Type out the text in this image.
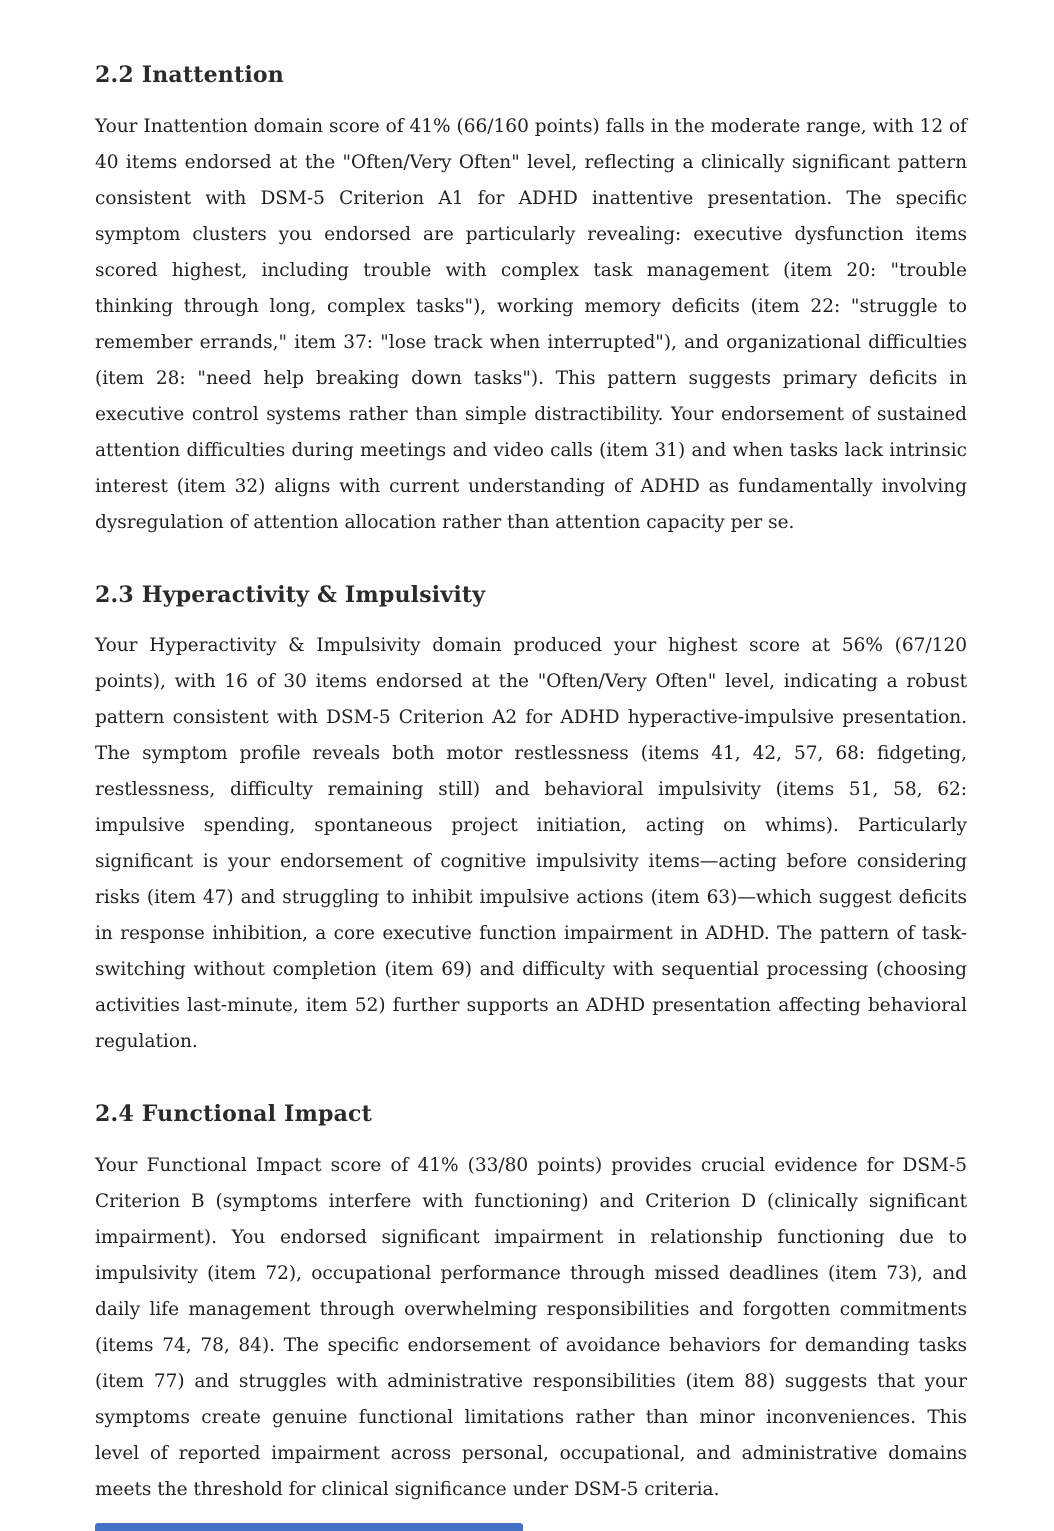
2.2 Inattention

Your Inattention domain score of 41% (66/160 points) falls in the moderate range, with 12 of 40 items endorsed at the "Often/Very Often" level, reflecting a clinically significant pattern consistent with DSM-5 Criterion A1 for ADHD inattentive presentation. The specific symptom clusters you endorsed are particularly revealing: executive dysfunction items scored highest, including trouble with complex task management (item 20: "trouble thinking through long, complex tasks"), working memory deficits (item 22: "struggle to remember errands," item 37: "lose track when interrupted"), and organizational difficulties (item 28: "need help breaking down tasks"). This pattern suggests primary deficits in executive control systems rather than simple distractibility. Your endorsement of sustained attention difficulties during meetings and video calls (item 31) and when tasks lack intrinsic interest (item 32) aligns with current understanding of ADHD as fundamentally involving dysregulation of attention allocation rather than attention capacity per se.

2.3 Hyperactivity & Impulsivity

Your Hyperactivity & Impulsivity domain produced your highest score at 56% (67/120 points), with 16 of 30 items endorsed at the "Often/Very Often" level, indicating a robust pattern consistent with DSM-5 Criterion A2 for ADHD hyperactive-impulsive presentation. The symptom profile reveals both motor restlessness (items 41, 42, 57, 68: fidgeting, restlessness, difficulty remaining still) and behavioral impulsivity (items 51, 58, 62: impulsive spending, spontaneous project initiation, acting on whims). Particularly significant is your endorsement of cognitive impulsivity items—acting before considering risks (item 47) and struggling to inhibit impulsive actions (item 63)—which suggest deficits in response inhibition, a core executive function impairment in ADHD. The pattern of task-switching without completion (item 69) and difficulty with sequential processing (choosing activities last-minute, item 52) further supports an ADHD presentation affecting behavioral regulation.

2.4 Functional Impact

Your Functional Impact score of 41% (33/80 points) provides crucial evidence for DSM-5 Criterion B (symptoms interfere with functioning) and Criterion D (clinically significant impairment). You endorsed significant impairment in relationship functioning due to impulsivity (item 72), occupational performance through missed deadlines (item 73), and daily life management through overwhelming responsibilities and forgotten commitments (items 74, 78, 84). The specific endorsement of avoidance behaviors for demanding tasks (item 77) and struggles with administrative responsibilities (item 88) suggests that your symptoms create genuine functional limitations rather than minor inconveniences. This level of reported impairment across personal, occupational, and administrative domains meets the threshold for clinical significance under DSM-5 criteria.
